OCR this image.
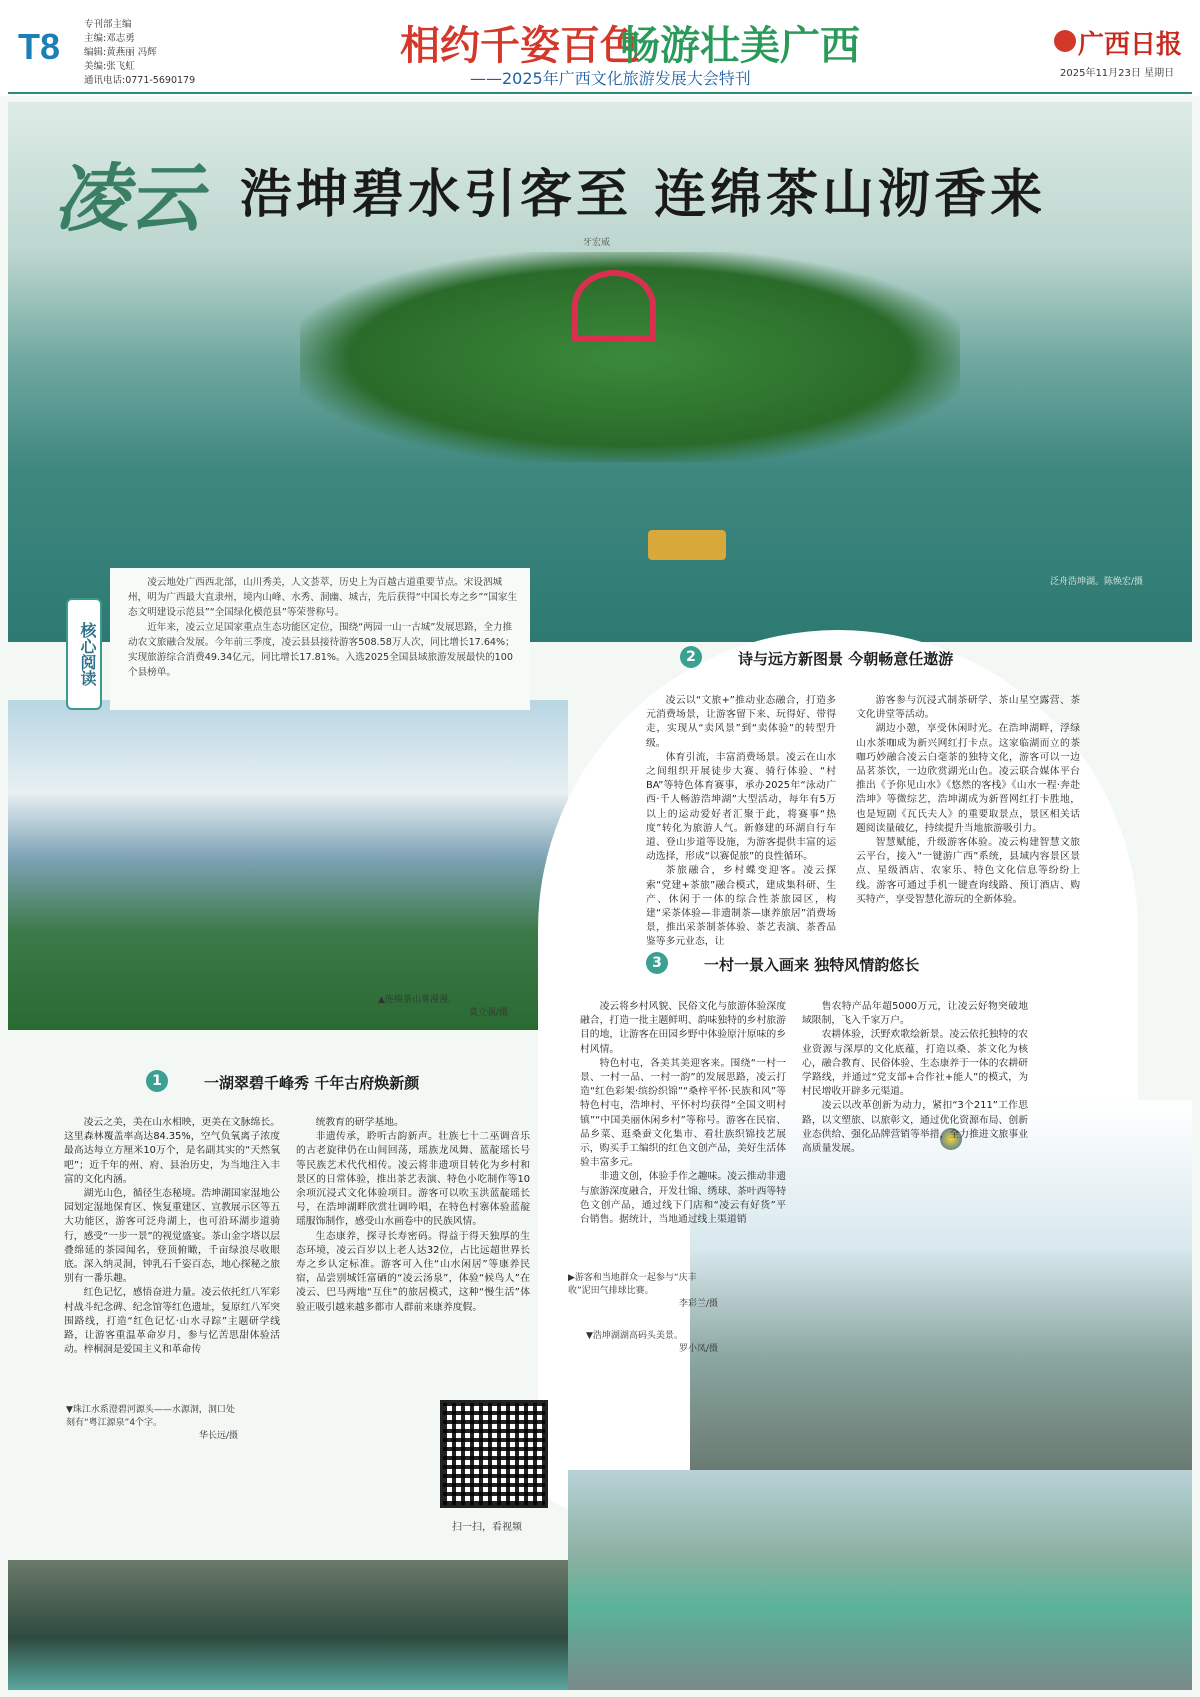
T8
专刊部主编
主编:邓志勇
编辑:黄燕丽 冯辉
美编:张飞虹
通讯电话:0771-5690179
相约千姿百色
畅游壮美广西
——2025年广西文化旅游发展大会特刊
广西日报
2025年11月23日 星期日
凌云 浩坤碧水引客至 连绵茶山沏香来
牙宏威
泛舟浩坤湖。陈焕宏/摄
核心阅读

凌云地处广西西北部，山川秀美，人文荟萃，历史上为百越古道重要节点。宋设泗城州，明为广西最大直隶州，境内山峰、水秀、洞幽、城古，先后获得“中国长寿之乡”“国家生态文明建设示范县”“全国绿化模范县”等荣誉称号。

近年来，凌云立足国家重点生态功能区定位，围绕“两园一山一古城”发展思路，全力推动农文旅融合发展。今年前三季度，凌云县县接待游客508.58万人次，同比增长17.64%；实现旅游综合消费49.34亿元，同比增长17.81%。入选2025全国县域旅游发展最快的100个县榜单。

▲连绵茶山雾漫漫。
莫立强/摄
2	诗与远方新图景 今朝畅意任遨游

凌云以“文旅+”推动业态融合，打造多元消费场景，让游客留下来、玩得好、带得走，实现从“卖风景”到“卖体验”的转型升级。

体育引流，丰富消费场景。凌云在山水之间组织开展徒步大赛、骑行体验、“村BA”等特色体育赛事，承办2025年“泳动广西·千人畅游浩坤湖”大型活动，每年有5万以上的运动爱好者汇聚于此，将赛事“热度”转化为旅游人气。新修建的环湖自行车道、登山步道等设施，为游客提供丰富的运动选择，形成“以赛促旅”的良性循环。

茶旅融合，乡村蝶变迎客。凌云探索“党建+茶旅”融合模式，建成集科研、生产、休闲于一体的综合性茶旅园区，构建“采茶体验—非遗制茶—康养旅居”消费场景，推出采茶制茶体验、茶艺表演、茶香品鉴等多元业态，让

游客参与沉浸式制茶研学、茶山星空露营、茶文化讲堂等活动。

湖边小憩，享受休闲时光。在浩坤湖畔，浮绿山水茶咖成为新兴网红打卡点。这家临湖而立的茶咖巧妙融合凌云白毫茶的独特文化，游客可以一边品茗茶饮，一边欣赏湖光山色。凌云联合媒体平台推出《予你见山水》《悠然的客栈》《山水一程·奔赴浩坤》等微综艺，浩坤湖成为新晋网红打卡胜地，也是短剧《瓦氏夫人》的重要取景点，景区相关话题阅读量破亿，持续提升当地旅游吸引力。

智慧赋能，升级游客体验。凌云构建智慧文旅云平台，接入“一键游广西”系统，县域内容景区景点、星级酒店、农家乐、特色文化信息等纷纷上线。游客可通过手机一键查询线路、预订酒店、购买特产，享受智慧化游玩的全新体验。

3	一村一景入画来 独特风情韵悠长

凌云将乡村风貌、民俗文化与旅游体验深度融合，打造一批主题鲜明、韵味独特的乡村旅游目的地，让游客在田园乡野中体验原汁原味的乡村风情。

特色村屯，各美其美迎客来。围绕“一村一景、一村一品、一村一韵”的发展思路，凌云打造“红色彩架·缤纷织锦”“桑梓平怀·民族和风”等特色村屯，浩坤村、平怀村均获得“全国文明村镇”“中国美丽休闲乡村”等称号。游客在民宿、品乡菜、逛桑蚕文化集市、看壮族织锦技艺展示，购买手工编织的红色文创产品，美好生活体验丰富多元。

非遗文创，体验手作之趣味。凌云推动非遗与旅游深度融合，开发壮锦、绣球、茶叶西等特色文创产品，通过线下门店和“凌云有好货”平台销售。据统计，当地通过线上渠道销

售农特产品年超5000万元，让凌云好物突破地域限制，飞入千家万户。

农耕体验，沃野欢歌绘新景。凌云依托独特的农业资源与深厚的文化底蕴，打造以桑、茶文化为核心，融合教育、民俗体验、生态康养于一体的农耕研学路线，并通过“党支部+合作社+能人”的模式，为村民增收开辟多元渠道。

凌云以改革创新为动力，紧扣“3个211”工作思路，以文塑旅、以旅彰文，通过优化资源布局、创新业态供给、强化品牌营销等举措，全力推进文旅事业高质量发展。

1	一湖翠碧千峰秀 千年古府焕新颜

凌云之美，美在山水相映，更美在文脉绵长。这里森林覆盖率高达84.35%，空气负氧离子浓度最高达每立方厘米10万个，是名副其实的“天然氧吧”；近千年的州、府、县治历史，为当地注入丰富的文化内涵。

湖光山色，循径生态秘境。浩坤湖国家湿地公园划定湿地保育区、恢复重建区、宣教展示区等五大功能区，游客可泛舟湖上，也可沿环湖步道骑行，感受“一步一景”的视觉盛宴。茶山金字塔以层叠绵延的茶园闻名，登顶俯瞰，千亩绿浪尽收眼底。深入纳灵洞，钟乳石千姿百态，地心探秘之旅别有一番乐趣。

红色记忆，感悟奋进力量。凌云依托红八军彩村战斗纪念碑、纪念馆等红色遗址，复原红八军突围路线，打造“红色记忆·山水寻踪”主题研学线路，让游客重温革命岁月，参与忆苦思甜体验活动。梓桐洞是爱国主义和革命传

统教育的研学基地。

非遗传承，聆听古韵新声。壮族七十二巫调音乐的古老旋律仍在山间回荡，瑶族龙凤舞、蓝靛瑶长号等民族艺术代代相传。凌云将非遗项目转化为乡村和景区的日常体验，推出茶艺表演、特色小吃制作等10余项沉浸式文化体验项目。游客可以吹玉洪蓝靛瑶长号，在浩坤湖畔欣赏壮调吟唱，在特色村寨体验蓝靛瑶服饰制作，感受山水画卷中的民族风情。

生态康养，探寻长寿密码。得益于得天独厚的生态环境，凌云百岁以上老人达32位，占比远超世界长寿之乡认定标准。游客可入住“山水闲居”等康养民宿，品尝别城饪富硒的“凌云汤泉”，体验“候鸟人”在凌云、巴马两地“互住”的旅居模式，这种“慢生活”体验正吸引越来越多都市人群前来康养度假。

▼珠江水系澄碧河源头——水源洞，洞口处刻有“粤江源泉”4个字。
华长远/摄
▶游客和当地群众一起参与“庆丰收”泥田气排球比赛。
李彩兰/摄
▼浩坤湖湖高码头美景。
罗小凤/摄
扫一扫，看视频
